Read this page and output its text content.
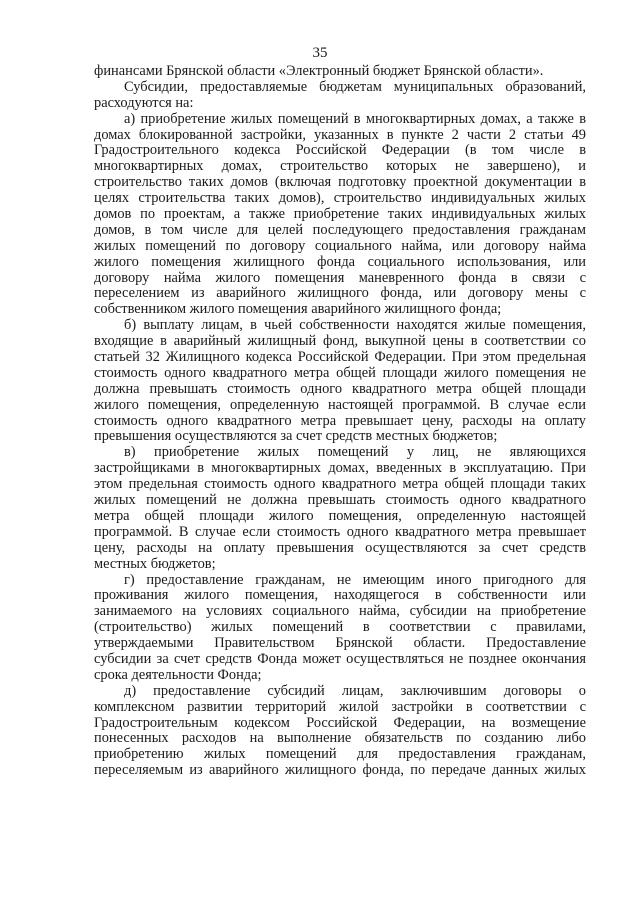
35
финансами Брянской области «Электронный бюджет Брянской области».
Субсидии, предоставляемые бюджетам муниципальных образований,
расходуются на:
а) приобретение жилых помещений в многоквартирных домах, а также в
домах блокированной застройки, указанных в пункте 2 части 2 статьи 49
Градостроительного кодекса Российской Федерации (в том числе в
многоквартирных домах, строительство которых не завершено), и
строительство таких домов (включая подготовку проектной документации в
целях строительства таких домов), строительство индивидуальных жилых
домов по проектам, а также приобретение таких индивидуальных жилых
домов, в том числе для целей последующего предоставления гражданам
жилых помещений по договору социального найма, или договору найма
жилого помещения жилищного фонда социального использования, или
договору найма жилого помещения маневренного фонда в связи с
переселением из аварийного жилищного фонда, или договору мены с
собственником жилого помещения аварийного жилищного фонда;
б) выплату лицам, в чьей собственности находятся жилые помещения,
входящие в аварийный жилищный фонд, выкупной цены в соответствии со
статьей 32 Жилищного кодекса Российской Федерации. При этом предельная
стоимость одного квадратного метра общей площади жилого помещения не
должна превышать стоимость одного квадратного метра общей площади
жилого помещения, определенную настоящей программой. В случае если
стоимость одного квадратного метра превышает цену, расходы на оплату
превышения осуществляются за счет средств местных бюджетов;
в) приобретение жилых помещений у лиц, не являющихся
застройщиками в многоквартирных домах, введенных в эксплуатацию. При
этом предельная стоимость одного квадратного метра общей площади таких
жилых помещений не должна превышать стоимость одного квадратного
метра общей площади жилого помещения, определенную настоящей
программой. В случае если стоимость одного квадратного метра превышает
цену, расходы на оплату превышения осуществляются за счет средств
местных бюджетов;
г) предоставление гражданам, не имеющим иного пригодного для
проживания жилого помещения, находящегося в собственности или
занимаемого на условиях социального найма, субсидии на приобретение
(строительство) жилых помещений в соответствии с правилами,
утверждаемыми Правительством Брянской области. Предоставление
субсидии за счет средств Фонда может осуществляться не позднее окончания
срока деятельности Фонда;
д) предоставление субсидий лицам, заключившим договоры о
комплексном развитии территорий жилой застройки в соответствии с
Градостроительным кодексом Российской Федерации, на возмещение
понесенных расходов на выполнение обязательств по созданию либо
приобретению жилых помещений для предоставления гражданам,
переселяемым из аварийного жилищного фонда, по передаче данных жилых
